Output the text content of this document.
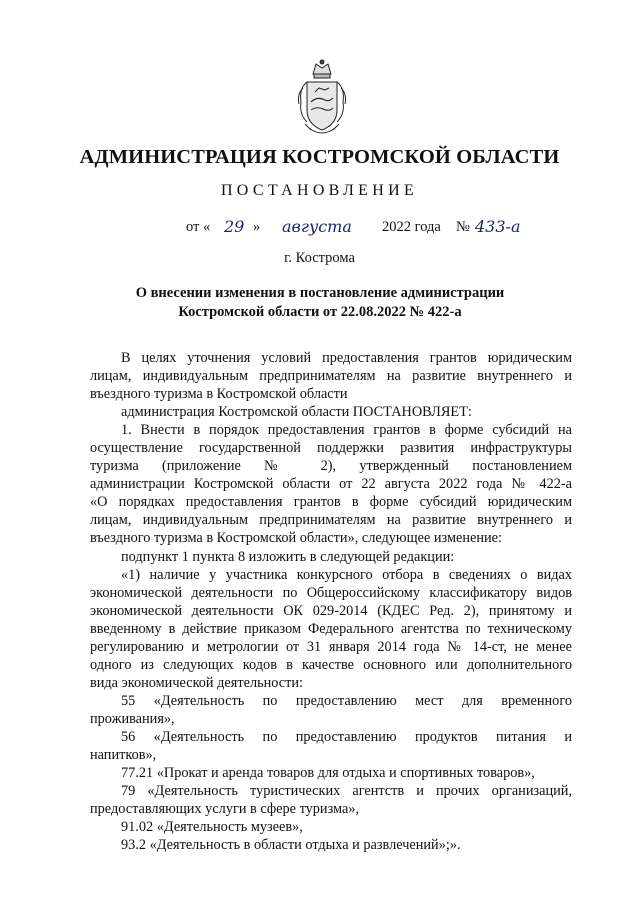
АДМИНИСТРАЦИЯ КОСТРОМСКОЙ ОБЛАСТИ
ПОСТАНОВЛЕНИЕ
от « 29 » августа 2022 года № 433-а
г. Кострома
О внесении изменения в постановление администрации
Костромской области от 22.08.2022 № 422-а
В целях уточнения условий предоставления грантов юридическим
лицам, индивидуальным предпринимателям на развитие внутреннего и
въездного туризма в Костромской области
администрация Костромской области ПОСТАНОВЛЯЕТ:
1. Внести в порядок предоставления грантов в форме субсидий на
осуществление государственной поддержки развития инфраструктуры
туризма (приложение № 2), утвержденный постановлением
администрации Костромской области от 22 августа 2022 года № 422-а
«О порядках предоставления грантов в форме субсидий юридическим
лицам, индивидуальным предпринимателям на развитие внутреннего и
въездного туризма в Костромской области», следующее изменение:
подпункт 1 пункта 8 изложить в следующей редакции:
«1) наличие у участника конкурсного отбора в сведениях о видах
экономической деятельности по Общероссийскому классификатору видов
экономической деятельности ОК 029-2014 (КДЕС Ред. 2), принятому и
введенному в действие приказом Федерального агентства по техническому
регулированию и метрологии от 31 января 2014 года № 14-ст, не менее
одного из следующих кодов в качестве основного или дополнительного
вида экономической деятельности:
55 «Деятельность по предоставлению мест для временного
проживания»,
56 «Деятельность по предоставлению продуктов питания и
напитков»,
77.21 «Прокат и аренда товаров для отдыха и спортивных товаров»,
79 «Деятельность туристических агентств и прочих организаций,
предоставляющих услуги в сфере туризма»,
91.02 «Деятельность музеев»,
93.2 «Деятельность в области отдыха и развлечений»;».
